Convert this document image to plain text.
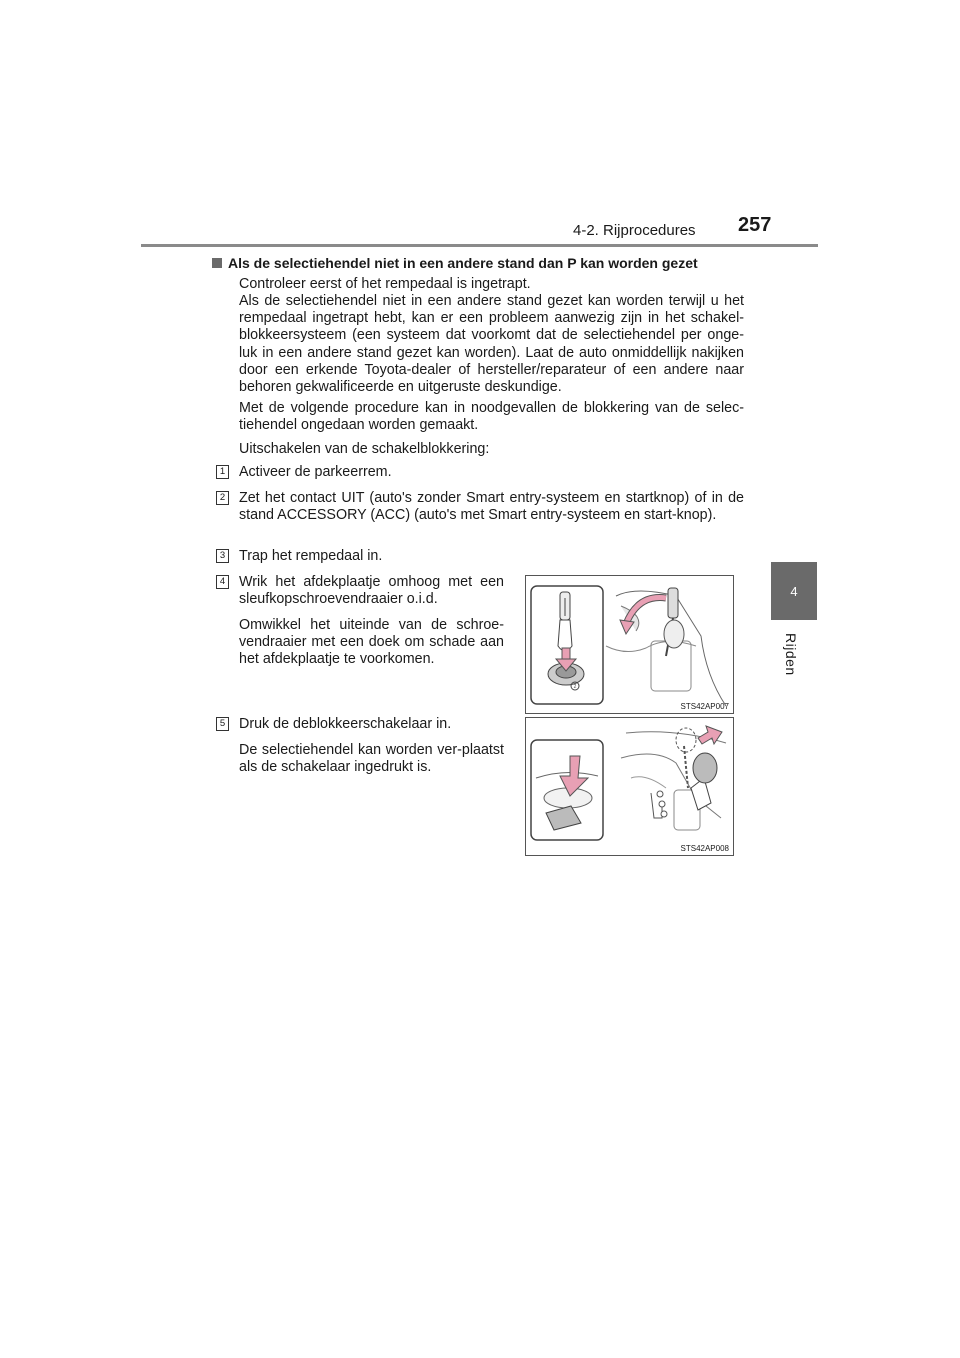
4-2. Rijprocedures 257
4
Rijden
Als de selectiehendel niet in een andere stand dan P kan worden gezet

Controleer eerst of het rempedaal is ingetrapt.

Als de selectiehendel niet in een andere stand gezet kan worden terwijl u het rempedaal ingetrapt hebt, kan er een probleem aanwezig zijn in het schakel-blokkeersysteem (een systeem dat voorkomt dat de selectiehendel per onge-luk in een andere stand gezet kan worden). Laat de auto onmiddellijk nakijken door een erkende Toyota-dealer of hersteller/reparateur of een andere naar behoren gekwalificeerde en uitgeruste deskundige.

Met de volgende procedure kan in noodgevallen de blokkering van de selec-tiehendel ongedaan worden gemaakt.

Uitschakelen van de schakelblokkering:

1 Activeer de parkeerrem.

2 Zet het contact UIT (auto's zonder Smart entry-systeem en startknop) of in de stand ACCESSORY (ACC) (auto's met Smart entry-systeem en start-knop).

3 Trap het rempedaal in.

4 Wrik het afdekplaatje omhoog met een sleufkopschroevendraaier o.i.d.

Omwikkel het uiteinde van de schroe-vendraaier met een doek om schade aan het afdekplaatje te voorkomen.

5 Druk de deblokkeerschakelaar in.

De selectiehendel kan worden ver-plaatst als de schakelaar ingedrukt is.

2
STS42AP007
STS42AP008
